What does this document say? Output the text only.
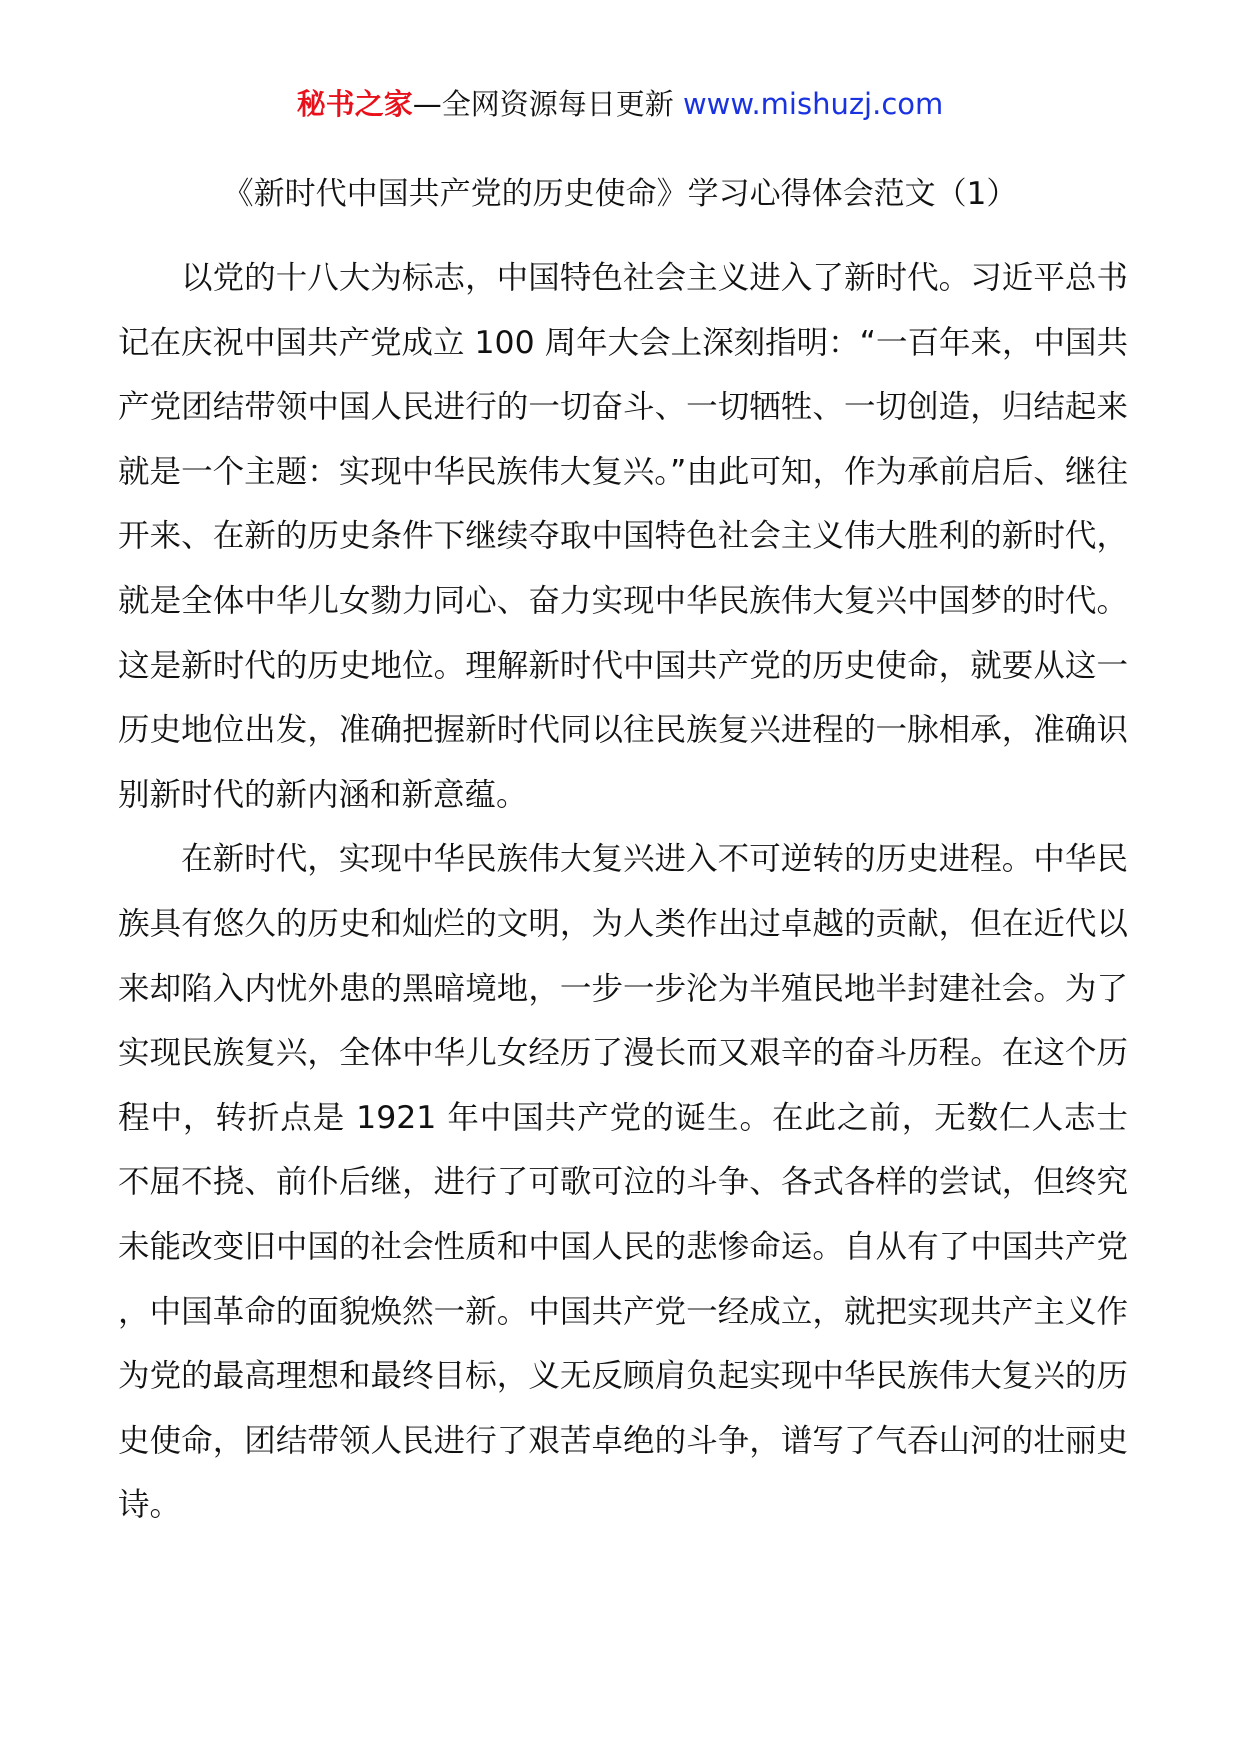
秘书之家—全网资源每日更新 www.mishuzj.com
《新时代中国共产党的历史使命》学习心得体会范文（1）

以党的十八大为标志，中国特色社会主义进入了新时代。习近平总书记在庆祝中国共产党成立 100 周年大会上深刻指明：“一百年来，中国共产党团结带领中国人民进行的一切奋斗、一切牺牲、一切创造，归结起来就是一个主题：实现中华民族伟大复兴。”由此可知，作为承前启后、继往开来、在新的历史条件下继续夺取中国特色社会主义伟大胜利的新时代，就是全体中华儿女勠力同心、奋力实现中华民族伟大复兴中国梦的时代。这是新时代的历史地位。理解新时代中国共产党的历史使命，就要从这一历史地位出发，准确把握新时代同以往民族复兴进程的一脉相承，准确识别新时代的新内涵和新意蕴。

在新时代，实现中华民族伟大复兴进入不可逆转的历史进程。中华民族具有悠久的历史和灿烂的文明，为人类作出过卓越的贡献，但在近代以来却陷入内忧外患的黑暗境地，一步一步沦为半殖民地半封建社会。为了实现民族复兴，全体中华儿女经历了漫长而又艰辛的奋斗历程。在这个历程中，转折点是 1921 年中国共产党的诞生。在此之前，无数仁人志士不屈不挠、前仆后继，进行了可歌可泣的斗争、各式各样的尝试，但终究未能改变旧中国的社会性质和中国人民的悲惨命运。自从有了中国共产党，中国革命的面貌焕然一新。中国共产党一经成立，就把实现共产主义作为党的最高理想和最终目标，义无反顾肩负起实现中华民族伟大复兴的历史使命，团结带领人民进行了艰苦卓绝的斗争，谱写了气吞山河的壮丽史诗。
